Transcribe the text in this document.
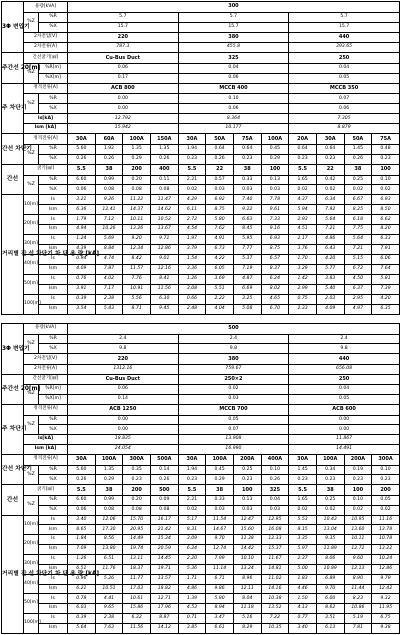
3Φ 변압기	용량[kVA]		300											
	%Z	%R	5.7				5.7				5.7			
		%X	15.7				15.7				15.7			
	2차전압[V]		220				380				440			
	2차전류[A]		787.3				455.8				393.65			
주간선 20[m]	간선굵기[㎟]		Cu-Bus Duct				325				250			
	%Z	%R[m]	0.06				0.04				0.04			
		%X[m]	0.17				0.06				0.05			
주 차단기	정격전류[A]		ACB 800				MCCB 400				MCCB 350			
	%Z	%R	0.00				0.10				0.07			
		%X	0.00				0.06				0.06			
	Is[kA]		12.792				8.364				7.305			
	Ism [kA]		15.942				10.177				8.879			
간선 차단기	정격전류[A]		30A	60A	100A	150A	30A	50A	75A	100A	20A	30A	50A	75A
	%Z	%R	5.60	1.92	1.35	1.35	1.94	0.64	0.64	0.45	0.64	0.64	1.45	0.48
		%X	0.26	0.26	0.29	0.26	0.23	0.26	0.23	0.29	0.23	0.23	0.26	0.23
간선	굵기[㎟]		5.5	38	200	400	5.5	22	38	100	5.5	22	38	100
	%Z	%R	6.60	0.99	0.20	0.11	2.21	0.57	0.33	0.13	1.65	0.42	0.25	0.10
		%X	0.06	0.08	0.08	0.08	0.02	0.03	0.03	0.03	0.02	0.02	0.02	0.02
거리별 간 선 차단기 차 단 용 량 [kA]	10[m]	Is	3.21	9.26	11.22	11.47	4.29	6.92	7.40	7.78	4.37	6.34	6.67	6.93
		Ism	6.36	12.41	14.37	14.62	6.11	8.75	9.22	9.61	5.94	7.92	8.25	8.50
	20[m]	Is	1.79	7.12	10.11	10.52	2.72	5.80	6.63	7.33	2.93	5.64	6.18	6.62
		Ism	4.94	10.26	13.26	13.67	4.54	7.62	8.45	9.16	4.51	7.21	7.75	8.20
	30[m]	Is	1.24	5.69	9.20	9.71	1.97	4.91	5.95	6.93	2.17	4.86	5.64	6.33
		Ism	4.39	8.84	12.34	12.86	3.79	6.73	7.77	8.75	3.76	6.43	7.21	7.91
	40[m]	Is	0.94	4.74	8.42	9.01	1.54	4.22	5.37	6.57	1.70	4.20	5.15	6.06
		Ism	4.09	7.87	11.57	12.16	3.36	6.05	7.19	8.37	3.29	5.77	6.72	7.64
	50[m]	Is	0.76	4.02	7.76	8.41	1.26	3.69	4.87	6.24	1.42	3.83	4.50	5.81
		Ism	3.91	7.17	10.91	11.56	3.08	5.51	6.69	8.02	2.99	5.40	6.37	7.39
	100[m]	Is	0.39	2.38	5.56	6.30	0.66	2.22	3.25	4.65	0.75	2.03	2.95	4.20
		Ism	3.54	5.43	8.71	9.45	2.48	4.04	5.08	6.70	2.33	4.09	4.97	6.35
3Φ 변압기	용량[kVA]		500											
	%Z	%R	2.4				2.4				2.4			
		%X	9.8				9.8				9.8			
	2차전압[V]		220				380				440			
	2차전류[A]		1312.16				759.67				656.08			
주간선 20[m]	간선굵기[㎟]		Cu-Bus Duct				250×2				250			
	%Z	%R[m]	0.06				0.02				0.04			
		%X[m]	0.14				0.03				0.05			
주 차단기	정격전류[A]		ACB 1250				MCCB 700				ACB 600			
	%Z	%R	0.00				0.05				0.00			
		%X	0.00				0.07				0.00			
	Is[kA]		18.835				13.908				11.867			
	Ism [kA]		24.054				16.990				14.491			
간선 차단기	정격전류[A]		30A	100A	300A	500A	30A	100A	200A	400A	30A	100A	200A	300A
	%Z	%R	5.60	1.35	0.35	0.14	1.94	0.45	0.25	0.10	1.45	0.34	0.19	0.10
		%X	0.26	0.29	0.23	0.26	0.23	0.29	0.23	0.26	0.23	0.23	0.23	0.23
간선	굵기[㎟]		5.5	38	200	500	5.5	38	100	325	5.5	38	100	200
	%Z	%R	6.60	0.99	0.20	0.09	2.21	0.33	0.13	0.04	1.65	0.25	0.10	0.05
		%X	0.06	0.08	0.08	0.08	0.02	0.03	0.03	0.03	0.02	0.02	0.02	0.02
거리별 간 선 차단기 차 단 용 량 [kA]	10[m]	Is	3.40	12.06	15.70	16.17	5.17	11.54	12.47	12.95	5.53	10.43	10.95	11.16
		Ism	8.65	17.30	20.95	21.42	8.31	14.67	15.60	16.08	8.15	13.04	13.60	13.78
	20[m]	Is	1.84	8.56	14.49	15.34	3.09	9.70	11.38	12.33	3.35	9.35	10.11	10.78
		Ism	7.09	13.80	19.74	20.59	6.24	12.74	14.42	15.37	5.97	11.89	12.72	13.22
	30[m]	Is	1.26	6.51	13.11	14.45	2.20	7.99	10.10	11.67	2.37	8.06	9.60	10.24
		Ism	6.51	11.76	18.37	19.71	5.36	11.14	13.24	14.81	5.00	10.89	12.13	12.86
	40[m]	Is	0.96	5.26	11.77	13.57	1.71	6.71	8.96	11.02	1.83	6.89	8.90	9.79
		Ism	6.21	10.51	17.03	18.82	4.86	9.86	12.11	14.16	4.46	9.70	11.44	12.42
	50[m]	Is	0.78	4.41	10.61	12.71	1.39	5.80	8.04	10.38	1.50	6.00	8.23	9.32
		Ism	6.03	9.65	15.86	17.96	4.53	8.94	11.18	13.52	4.13	8.62	10.86	11.95
	100[m]	Is	0.39	2.38	6.32	8.87	0.71	3.47	5.16	7.22	0.77	3.51	5.19	6.75
		Ism	5.64	7.63	11.56	14.12	3.85	6.61	8.29	10.35	3.40	6.13	7.81	9.38
